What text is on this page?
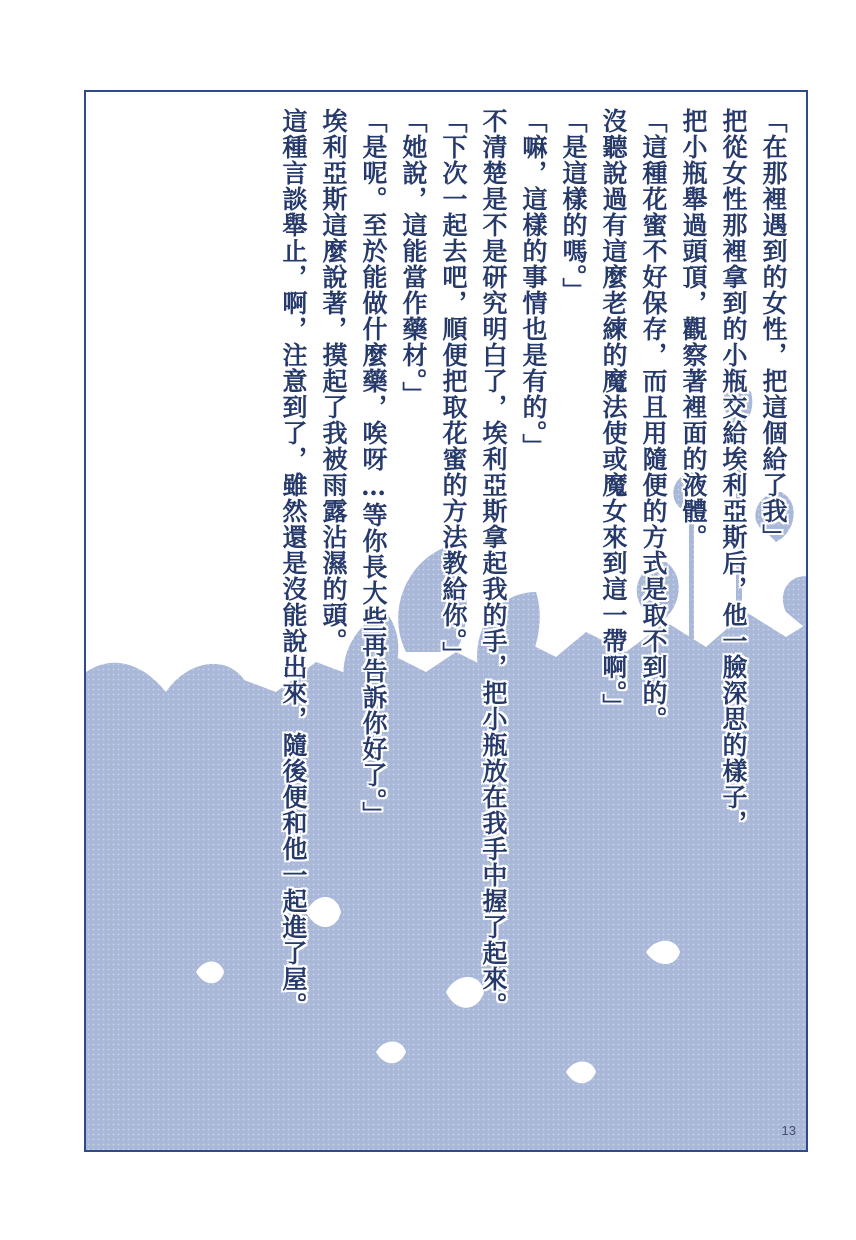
「在那裡遇到的女性，把這個給了我」
把從女性那裡拿到的小瓶交給埃利亞斯后，他一臉深思的樣子，
把小瓶舉過頭頂，觀察著裡面的液體。
「這種花蜜不好保存，而且用隨便的方式是取不到的。
沒聽說過有這麼老練的魔法使或魔女來到這一帶啊。」
「是這樣的嗎。」
「嘛，這樣的事情也是有的。」
不清楚是不是研究明白了，埃利亞斯拿起我的手，把小瓶放在我手中握了起來。
「下次一起去吧，順便把取花蜜的方法教給你。」
「她說，這能當作藥材。」
「是呢。至於能做什麼藥，唉呀…等你長大些再告訴你好了。」
埃利亞斯這麼說著，摸起了我被雨露沾濕的頭。
這種言談舉止，啊，注意到了，雖然還是沒能說出來，隨後便和他一起進了屋。
13
